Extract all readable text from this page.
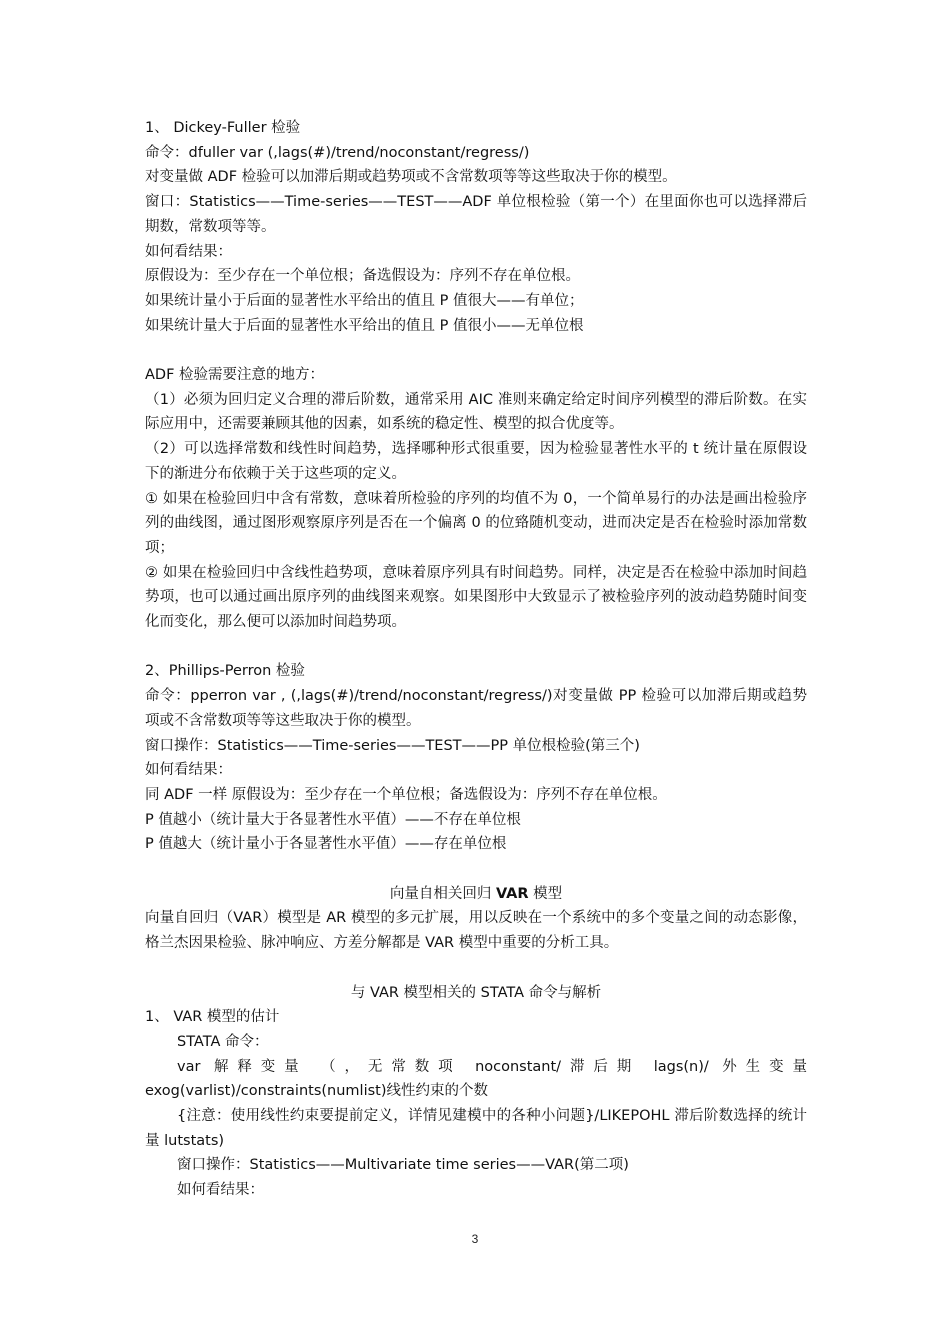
1、 Dickey-Fuller 检验
命令：dfuller var (,lags(#)/trend/noconstant/regress/)
对变量做 ADF 检验可以加滞后期或趋势项或不含常数项等等这些取决于你的模型。
窗口：Statistics——Time-series——TEST——ADF 单位根检验（第一个）在里面你也可以选择滞后期数，常数项等等。
如何看结果：
原假设为：至少存在一个单位根；备选假设为：序列不存在单位根。
如果统计量小于后面的显著性水平给出的值且 P 值很大——有单位；
如果统计量大于后面的显著性水平给出的值且 P 值很小——无单位根
ADF 检验需要注意的地方：
（1）必须为回归定义合理的滞后阶数，通常采用 AIC 准则来确定给定时间序列模型的滞后阶数。在实际应用中，还需要兼顾其他的因素，如系统的稳定性、模型的拟合优度等。
（2）可以选择常数和线性时间趋势，选择哪种形式很重要，因为检验显著性水平的 t 统计量在原假设下的渐进分布依赖于关于这些项的定义。
① 如果在检验回归中含有常数，意味着所检验的序列的均值不为 0，一个简单易行的办法是画出检验序列的曲线图，通过图形观察原序列是否在一个偏离 0 的位臵随机变动，进而决定是否在检验时添加常数项；
② 如果在检验回归中含线性趋势项，意味着原序列具有时间趋势。同样，决定是否在检验中添加时间趋势项，也可以通过画出原序列的曲线图来观察。如果图形中大致显示了被检验序列的波动趋势随时间变化而变化，那么便可以添加时间趋势项。
2、Phillips-Perron 检验
命令：pperron var , (,lags(#)/trend/noconstant/regress/)对变量做 PP 检验可以加滞后期或趋势项或不含常数项等等这些取决于你的模型。
窗口操作：Statistics——Time-series——TEST——PP 单位根检验(第三个)
如何看结果：
同 ADF 一样 原假设为：至少存在一个单位根；备选假设为：序列不存在单位根。
P 值越小（统计量大于各显著性水平值）——不存在单位根
P 值越大（统计量小于各显著性水平值）——存在单位根
向量自相关回归 VAR 模型
向量自回归（VAR）模型是 AR 模型的多元扩展，用以反映在一个系统中的多个变量之间的动态影像，格兰杰因果检验、脉冲响应、方差分解都是 VAR 模型中重要的分析工具。
与 VAR 模型相关的 STATA 命令与解析
1、 VAR 模型的估计
STATA 命令：
var 解释变量 （，无常数项 noconstant/滞后期 lags(n)/ 外生变量
exog(varlist)/constraints(numlist)线性约束的个数
{注意：使用线性约束要提前定义，详情见建模中的各种小问题}/LIKEPOHL 滞后阶数选择的统计量 lutstats)
窗口操作：Statistics——Multivariate time series——VAR(第二项)
如何看结果：
3
